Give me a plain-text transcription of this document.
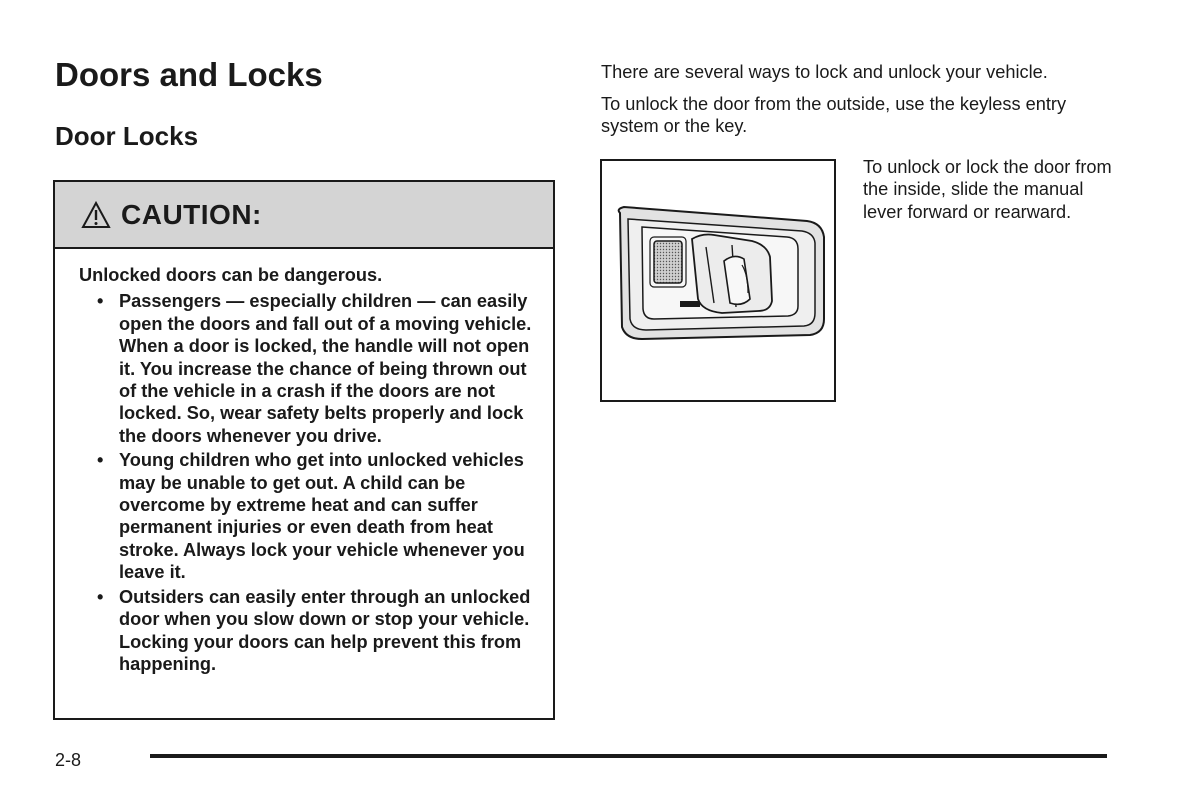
Doors and Locks
Door Locks
CAUTION:

Unlocked doors can be dangerous.

• Passengers — especially children — can easily open the doors and fall out of a moving vehicle. When a door is locked, the handle will not open it. You increase the chance of being thrown out of the vehicle in a crash if the doors are not locked. So, wear safety belts properly and lock the doors whenever you drive.
• Young children who get into unlocked vehicles may be unable to get out. A child can be overcome by extreme heat and can suffer permanent injuries or even death from heat stroke. Always lock your vehicle whenever you leave it.
• Outsiders can easily enter through an unlocked door when you slow down or stop your vehicle. Locking your doors can help prevent this from happening.

There are several ways to lock and unlock your vehicle.

To unlock the door from the outside, use the keyless entry system or the key.

To unlock or lock the door from the inside, slide the manual lever forward or rearward.

2-8
